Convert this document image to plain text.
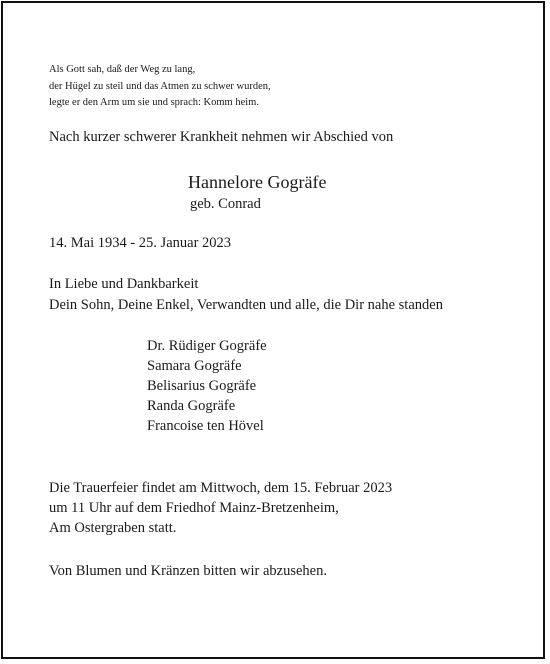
Als Gott sah, daß der Weg zu lang,

der Hügel zu steil und das Atmen zu schwer wurden,

legte er den Arm um sie und sprach: Komm heim.

Nach kurzer schwerer Krankheit nehmen wir Abschied von

Hannelore Gogräfe

geb. Conrad

14. Mai 1934 - 25. Januar 2023

In Liebe und Dankbarkeit

Dein Sohn, Deine Enkel, Verwandten und alle, die Dir nahe standen

Dr. Rüdiger Gogräfe

Samara Gogräfe

Belisarius Gogräfe

Randa Gogräfe

Francoise ten Hövel

Die Trauerfeier findet am Mittwoch, dem 15. Februar 2023

um 11 Uhr auf dem Friedhof Mainz-Bretzenheim,

Am Ostergraben statt.

Von Blumen und Kränzen bitten wir abzusehen.
